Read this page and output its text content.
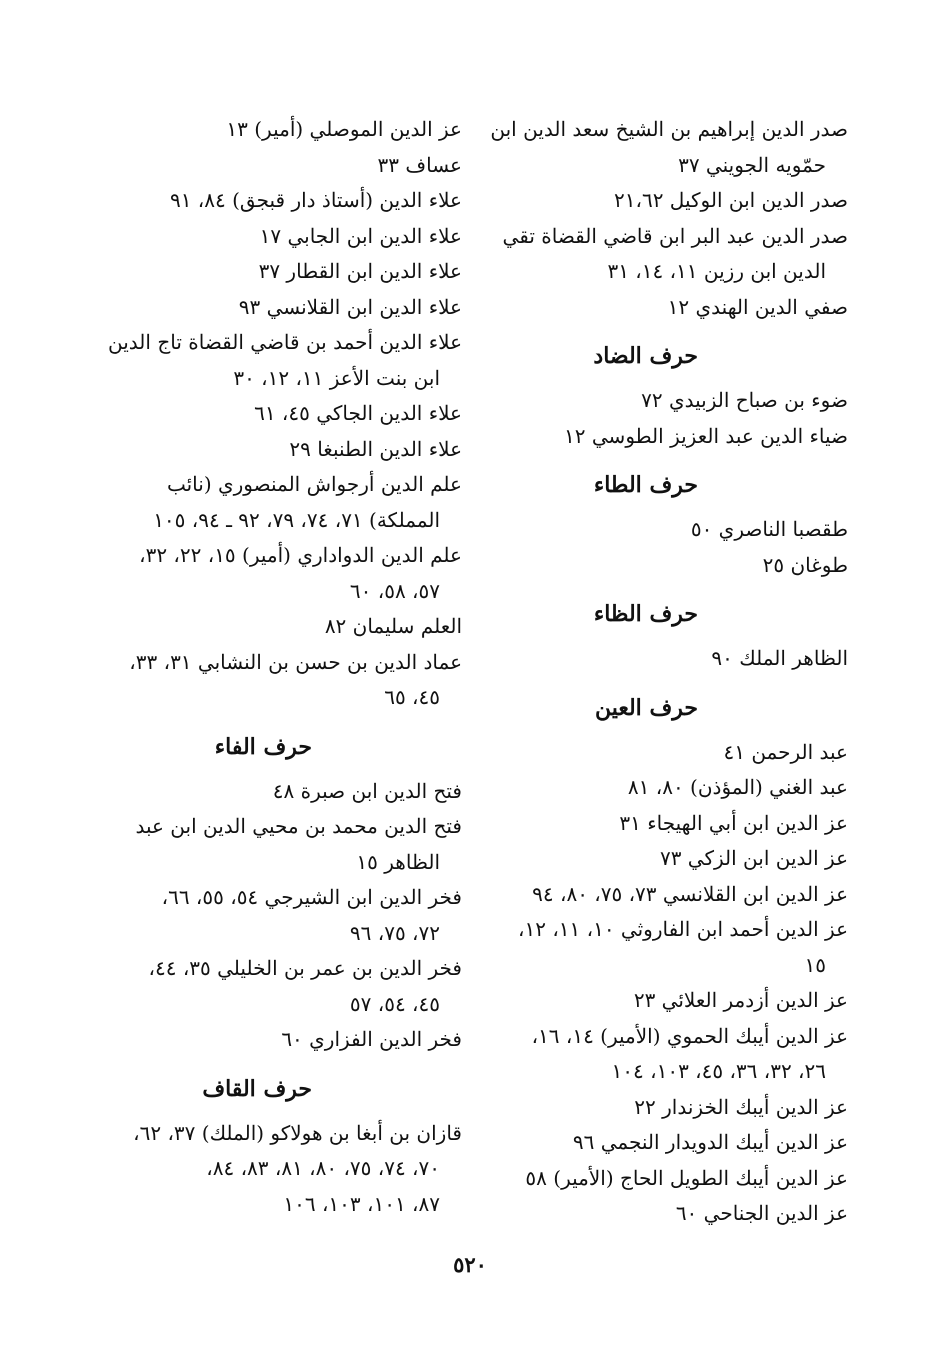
صدر الدين إبراهيم بن الشيخ سعد الدين ابن
حمّويه الجويني ٣٧
صدر الدين ابن الوكيل ٢١،٦٢
صدر الدين عبد البر ابن قاضي القضاة تقي
الدين ابن رزين ١١، ١٤، ٣١
صفي الدين الهندي ١٢
حرف الضاد
ضوء بن صباح الزبيدي ٧٢
ضياء الدين عبد العزيز الطوسي ١٢
حرف الطاء
طقصبا الناصري ٥٠
طوغان ٢٥
حرف الظاء
الظاهر الملك ٩٠
حرف العين
عبد الرحمن ٤١
عبد الغني (المؤذن) ٨٠، ٨١
عز الدين ابن أبي الهيجاء ٣١
عز الدين ابن الزكي ٧٣
عز الدين ابن القلانسي ٧٣، ٧٥، ٨٠، ٩٤
عز الدين أحمد ابن الفاروثي ١٠، ١١، ١٢،
١٥
عز الدين أزدمر العلائي ٢٣
عز الدين أيبك الحموي (الأمير) ١٤، ١٦،
٢٦، ٣٢، ٣٦، ٤٥، ١٠٣، ١٠٤
عز الدين أيبك الخزندار ٢٢
عز الدين أيبك الدويدار النجمي ٩٦
عز الدين أيبك الطويل الحاج (الأمير) ٥٨
عز الدين الجناحي ٦٠
عز الدين الموصلي (أمير) ١٣
عساف ٣٣
علاء الدين (أستاذ دار قبجق) ٨٤، ٩١
علاء الدين ابن الجابي ١٧
علاء الدين ابن القطار ٣٧
علاء الدين ابن القلانسي ٩٣
علاء الدين أحمد بن قاضي القضاة تاج الدين
ابن بنت الأعز ١١، ١٢، ٣٠
علاء الدين الجاكي ٤٥، ٦١
علاء الدين الطنبغا ٢٩
علم الدين أرجواش المنصوري (نائب
المملكة) ٧١، ٧٤، ٧٩، ٩٢ ـ ٩٤، ١٠٥
علم الدين الدواداري (أمير) ١٥، ٢٢، ٣٢،
٥٧، ٥٨، ٦٠
العلم سليمان ٨٢
عماد الدين بن حسن بن النشابي ٣١، ٣٣،
٤٥، ٦٥
حرف الفاء
فتح الدين ابن صبرة ٤٨
فتح الدين محمد بن محيي الدين ابن عبد
الظاهر ١٥
فخر الدين ابن الشيرجي ٥٤، ٥٥، ٦٦،
٧٢، ٧٥، ٩٦
فخر الدين بن عمر بن الخليلي ٣٥، ٤٤،
٤٥، ٥٤، ٥٧
فخر الدين الفزاري ٦٠
حرف القاف
قازان بن أبغا بن هولاكو (الملك) ٣٧، ٦٢،
٧٠، ٧٤، ٧٥، ٨٠، ٨١، ٨٣، ٨٤،
٨٧، ١٠١، ١٠٣، ١٠٦
٥٢٠
